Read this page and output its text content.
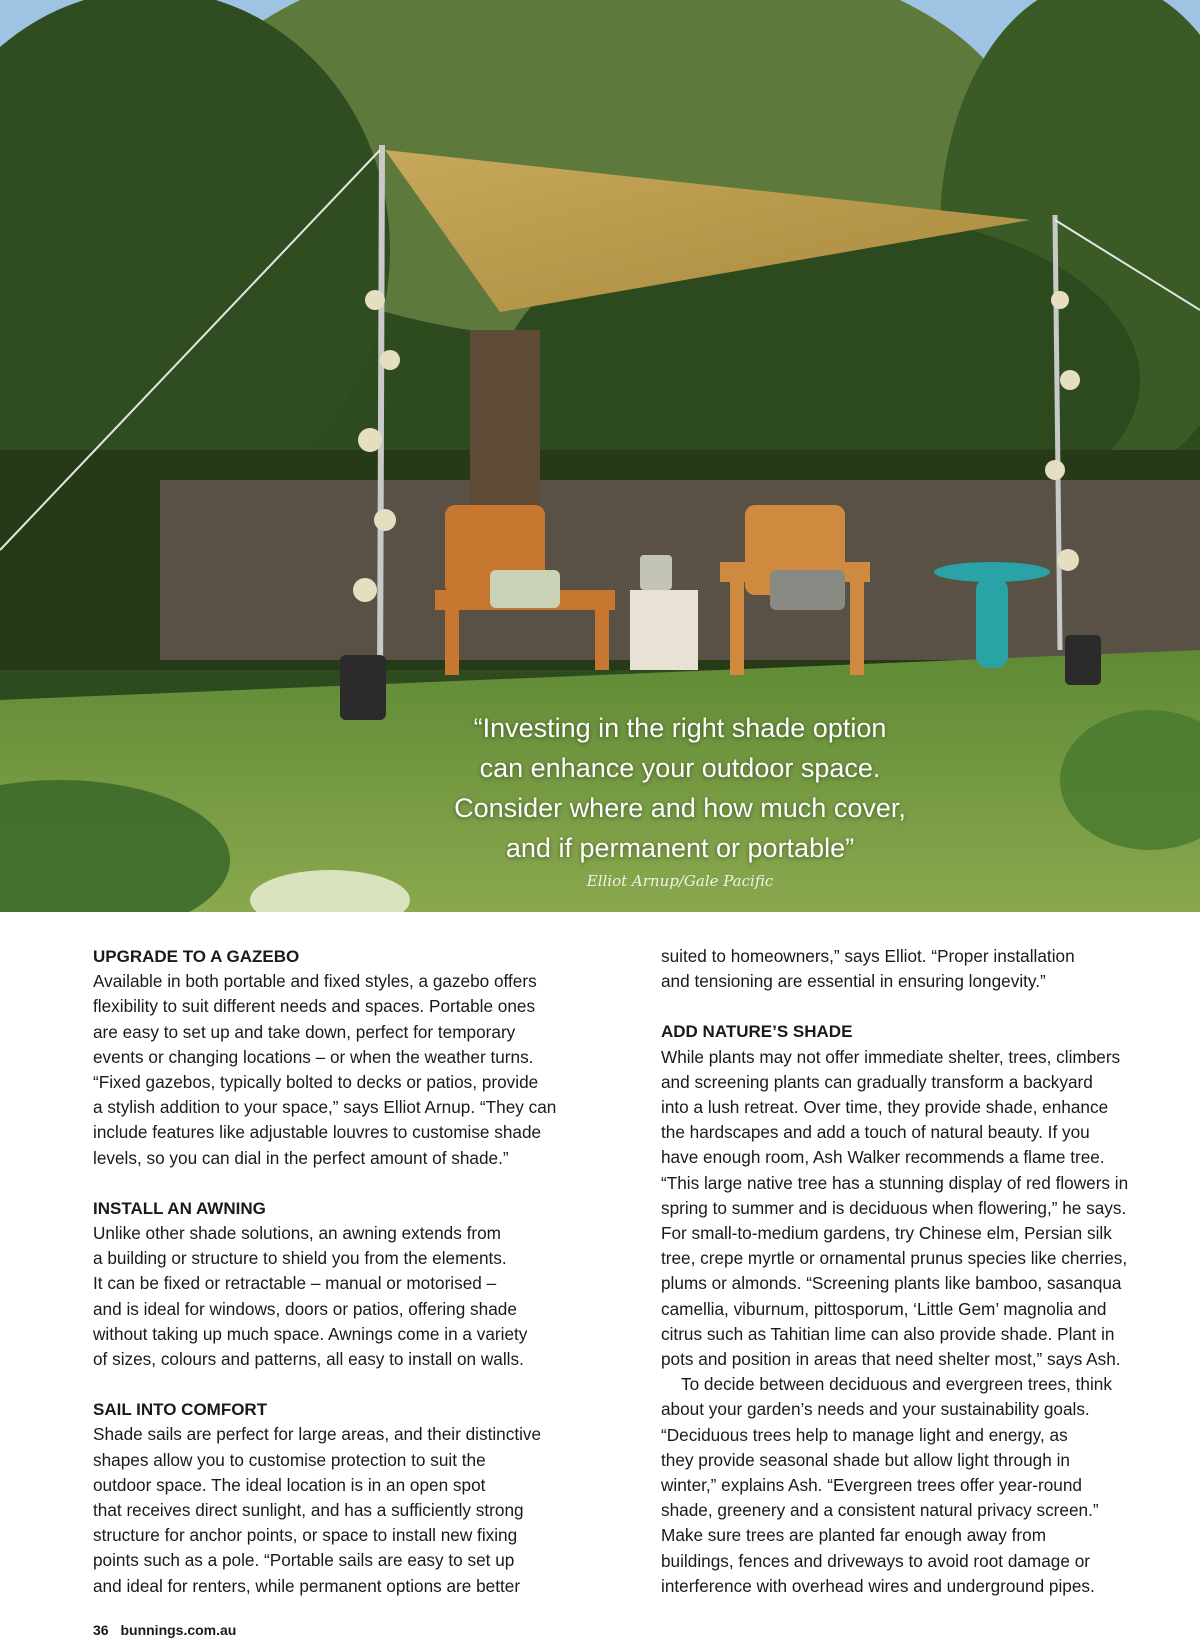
“Investing in the right shade option
can enhance your outdoor space.
Consider where and how much cover,
and if permanent or portable”
Elliot Arnup/Gale Pacific
UPGRADE TO A GAZEBO
Available in both portable and fixed styles, a gazebo offers
flexibility to suit different needs and spaces. Portable ones
are easy to set up and take down, perfect for temporary
events or changing locations – or when the weather turns.
“Fixed gazebos, typically bolted to decks or patios, provide
a stylish addition to your space,” says Elliot Arnup. “They can
include features like adjustable louvres to customise shade
levels, so you can dial in the perfect amount of shade.”
INSTALL AN AWNING
Unlike other shade solutions, an awning extends from
a building or structure to shield you from the elements.
It can be fixed or retractable – manual or motorised –
and is ideal for windows, doors or patios, offering shade
without taking up much space. Awnings come in a variety
of sizes, colours and patterns, all easy to install on walls.
SAIL INTO COMFORT
Shade sails are perfect for large areas, and their distinctive
shapes allow you to customise protection to suit the
outdoor space. The ideal location is in an open spot
that receives direct sunlight, and has a sufficiently strong
structure for anchor points, or space to install new fixing
points such as a pole. “Portable sails are easy to set up
and ideal for renters, while permanent options are better
suited to homeowners,” says Elliot. “Proper installation
and tensioning are essential in ensuring longevity.”
ADD NATURE’S SHADE
While plants may not offer immediate shelter, trees, climbers
and screening plants can gradually transform a backyard
into a lush retreat. Over time, they provide shade, enhance
the hardscapes and add a touch of natural beauty. If you
have enough room, Ash Walker recommends a flame tree.
“This large native tree has a stunning display of red flowers in
spring to summer and is deciduous when flowering,” he says.
For small-to-medium gardens, try Chinese elm, Persian silk
tree, crepe myrtle or ornamental prunus species like cherries,
plums or almonds. “Screening plants like bamboo, sasanqua
camellia, viburnum, pittosporum, ‘Little Gem’ magnolia and
citrus such as Tahitian lime can also provide shade. Plant in
pots and position in areas that need shelter most,” says Ash.
To decide between deciduous and evergreen trees, think
about your garden’s needs and your sustainability goals.
“Deciduous trees help to manage light and energy, as
they provide seasonal shade but allow light through in
winter,” explains Ash. “Evergreen trees offer year-round
shade, greenery and a consistent natural privacy screen.”
Make sure trees are planted far enough away from
buildings, fences and driveways to avoid root damage or
interference with overhead wires and underground pipes.
36 bunnings.com.au
